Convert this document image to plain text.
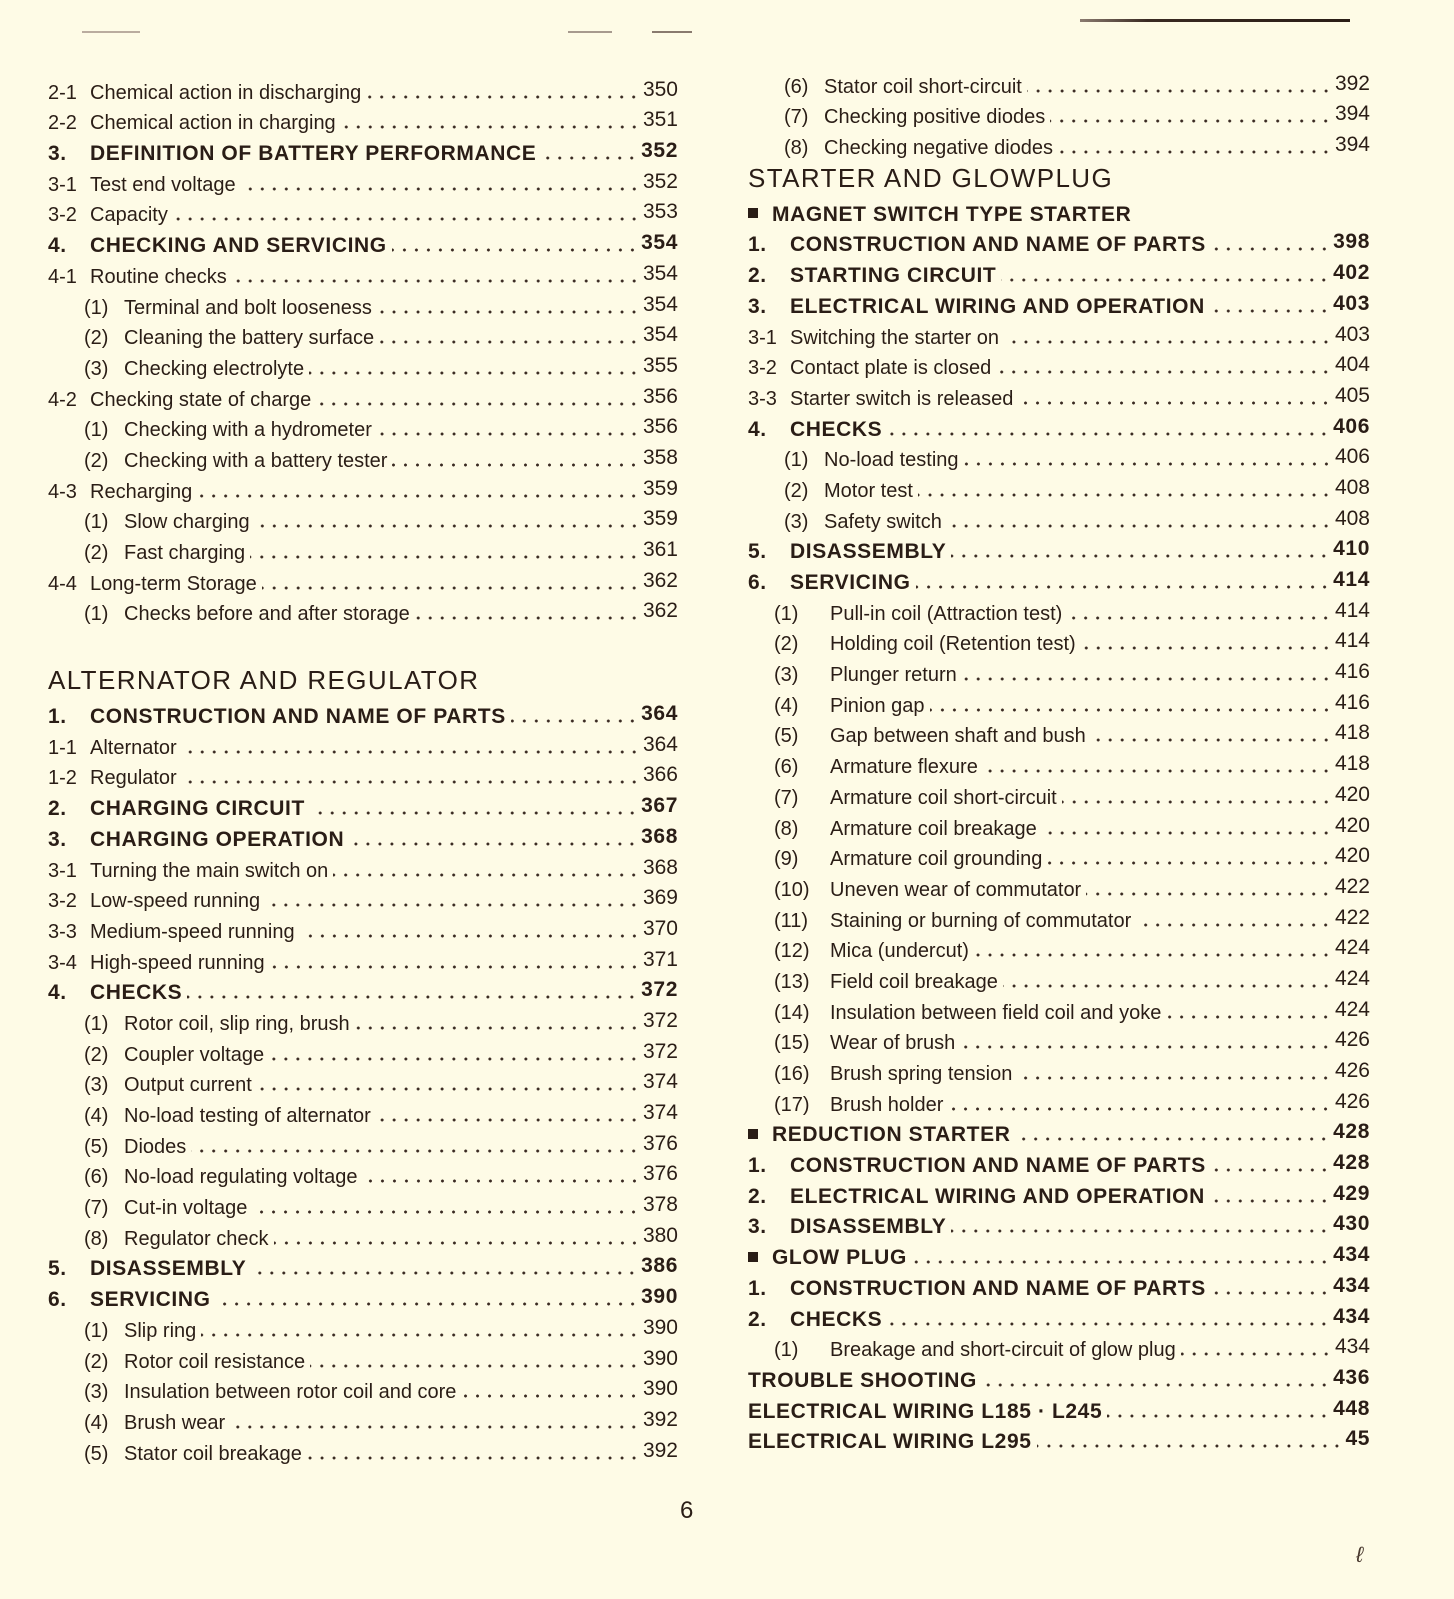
2-1 Chemical action in discharging	350
2-2 Chemical action in charging	351
3. DEFINITION OF BATTERY PERFORMANCE	352
3-1 Test end voltage	352
3-2 Capacity	353
4. CHECKING AND SERVICING	354
4-1 Routine checks	354
(1) Terminal and bolt looseness	354
(2) Cleaning the battery surface	354
(3) Checking electrolyte	355
4-2 Checking state of charge	356
(1) Checking with a hydrometer	356
(2) Checking with a battery tester	358
4-3 Recharging	359
(1) Slow charging	359
(2) Fast charging	361
4-4 Long-term Storage	362
(1) Checks before and after storage	362
ALTERNATOR AND REGULATOR
1. CONSTRUCTION AND NAME OF PARTS	364
1-1 Alternator	364
1-2 Regulator	366
2. CHARGING CIRCUIT	367
3. CHARGING OPERATION	368
3-1 Turning the main switch on	368
3-2 Low-speed running	369
3-3 Medium-speed running	370
3-4 High-speed running	371
4. CHECKS	372
(1) Rotor coil, slip ring, brush	372
(2) Coupler voltage	372
(3) Output current	374
(4) No-load testing of alternator	374
(5) Diodes	376
(6) No-load regulating voltage	376
(7) Cut-in voltage	378
(8) Regulator check	380
5. DISASSEMBLY	386
6. SERVICING	390
(1) Slip ring	390
(2) Rotor coil resistance	390
(3) Insulation between rotor coil and core	390
(4) Brush wear	392
(5) Stator coil breakage	392
(6) Stator coil short-circuit	392
(7) Checking positive diodes	394
(8) Checking negative diodes	394
STARTER AND GLOWPLUG
MAGNET SWITCH TYPE STARTER
1. CONSTRUCTION AND NAME OF PARTS	398
2. STARTING CIRCUIT	402
3. ELECTRICAL WIRING AND OPERATION	403
3-1 Switching the starter on	403
3-2 Contact plate is closed	404
3-3 Starter switch is released	405
4. CHECKS	406
(1) No-load testing	406
(2) Motor test	408
(3) Safety switch	408
5. DISASSEMBLY	410
6. SERVICING	414
(1) Pull-in coil (Attraction test)	414
(2) Holding coil (Retention test)	414
(3) Plunger return	416
(4) Pinion gap	416
(5) Gap between shaft and bush	418
(6) Armature flexure	418
(7) Armature coil short-circuit	420
(8) Armature coil breakage	420
(9) Armature coil grounding	420
(10) Uneven wear of commutator	422
(11) Staining or burning of commutator	422
(12) Mica (undercut)	424
(13) Field coil breakage	424
(14) Insulation between field coil and yoke	424
(15) Wear of brush	426
(16) Brush spring tension	426
(17) Brush holder	426
REDUCTION STARTER	428
1. CONSTRUCTION AND NAME OF PARTS	428
2. ELECTRICAL WIRING AND OPERATION	429
3. DISASSEMBLY	430
GLOW PLUG	434
1. CONSTRUCTION AND NAME OF PARTS	434
2. CHECKS	434
(1) Breakage and short-circuit of glow plug	434
TROUBLE SHOOTING	436
ELECTRICAL WIRING L185 · L245	448
ELECTRICAL WIRING L295	45
6
ℓ
